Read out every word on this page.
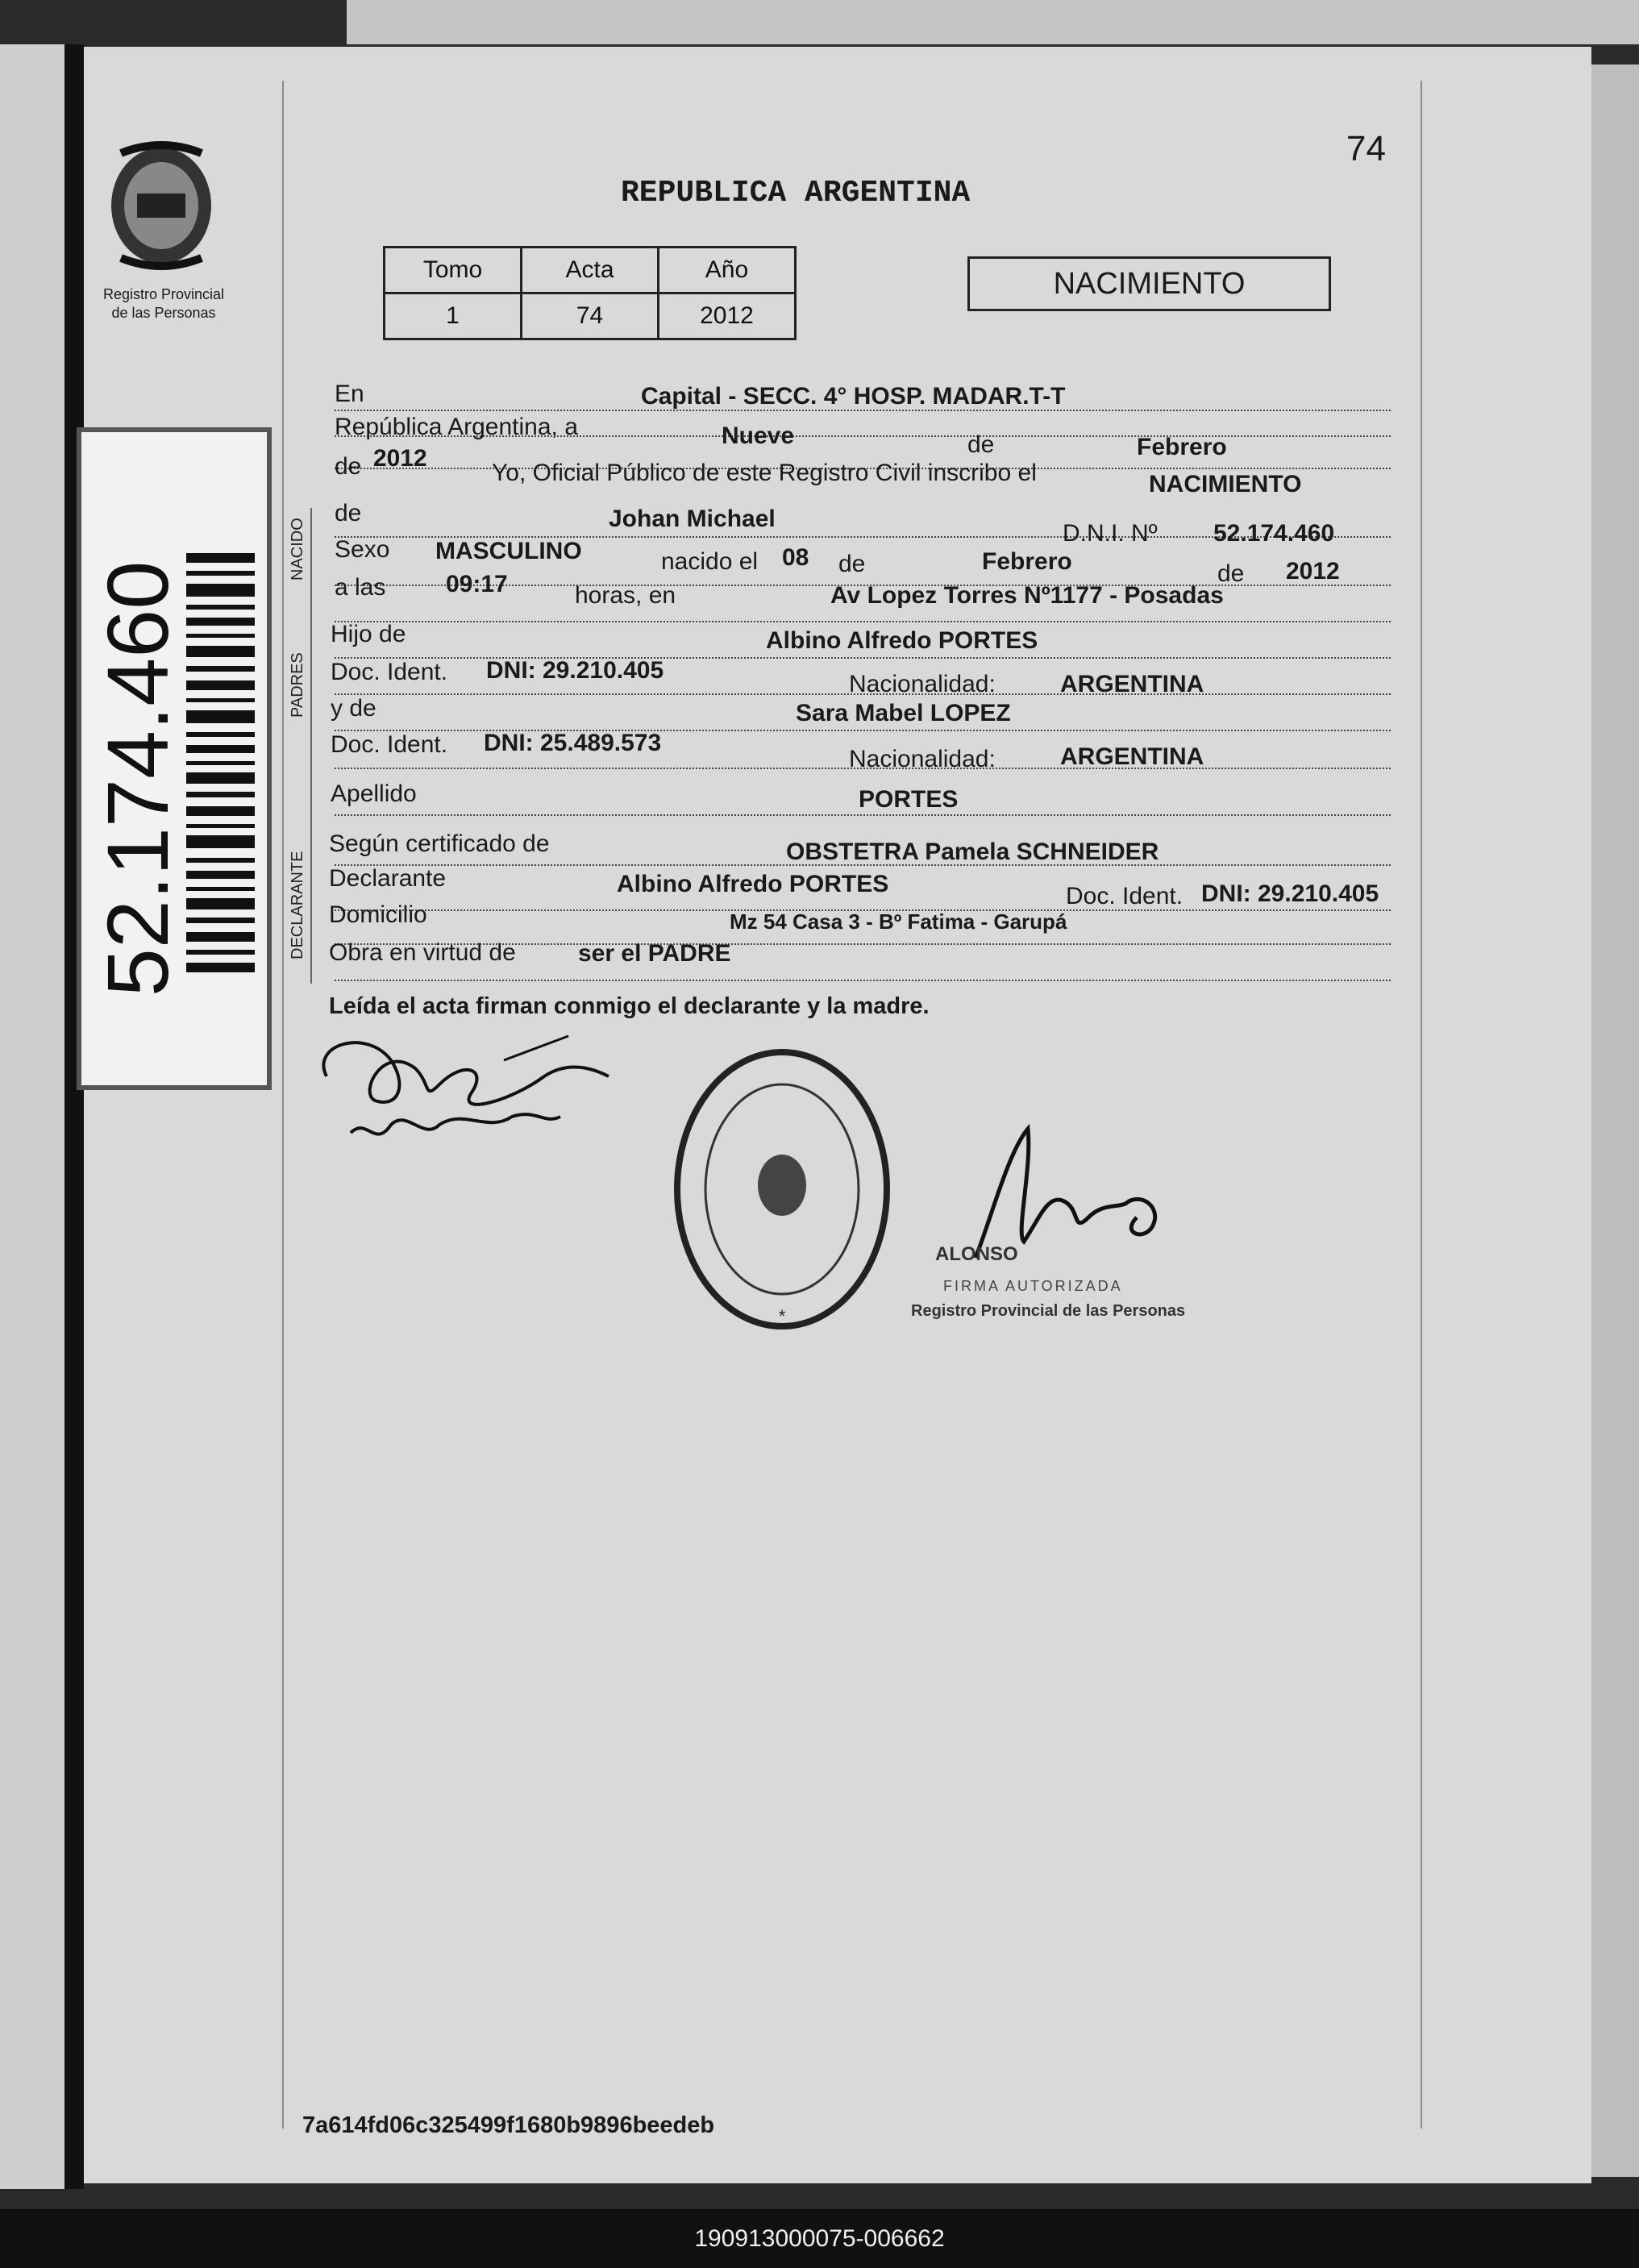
Registro Provincial
de las Personas
52.174.460
74
REPUBLICA ARGENTINA
Tomo	Acta	Año
1	74	2012
NACIMIENTO
NACIDO
PADRES
DECLARANTE
En	Capital - SECC. 4° HOSP. MADAR.T-T
República Argentina, a	Nueve	de	Febrero
de 2012
Yo, Oficial Público de este Registro Civil inscribo el	NACIMIENTO
de	Johan Michael
D.N.I. Nº 52.174.460
Sexo MASCULINO	nacido el 08 de	Febrero	de 2012
a las 09:17	horas, en	Av Lopez Torres Nº1177 - Posadas
Hijo de	Albino Alfredo PORTES
Doc. Ident. DNI: 29.210.405
Nacionalidad:	ARGENTINA
y de	Sara Mabel LOPEZ
Doc. Ident. DNI: 25.489.573
Nacionalidad:	ARGENTINA
Apellido	PORTES
Según certificado de	OBSTETRA Pamela SCHNEIDER
Declarante	Albino Alfredo PORTES	Doc. Ident. DNI: 29.210.405
Domicilio	Mz 54 Casa 3 - Bº Fatima - Garupá
Obra en virtud de	ser el PADRE
Leída el acta firman conmigo el declarante y la madre.
*
ALONSO
FIRMA AUTORIZADA
Registro Provincial de las Personas
7a614fd06c325499f1680b9896beedeb
190913000075-006662
